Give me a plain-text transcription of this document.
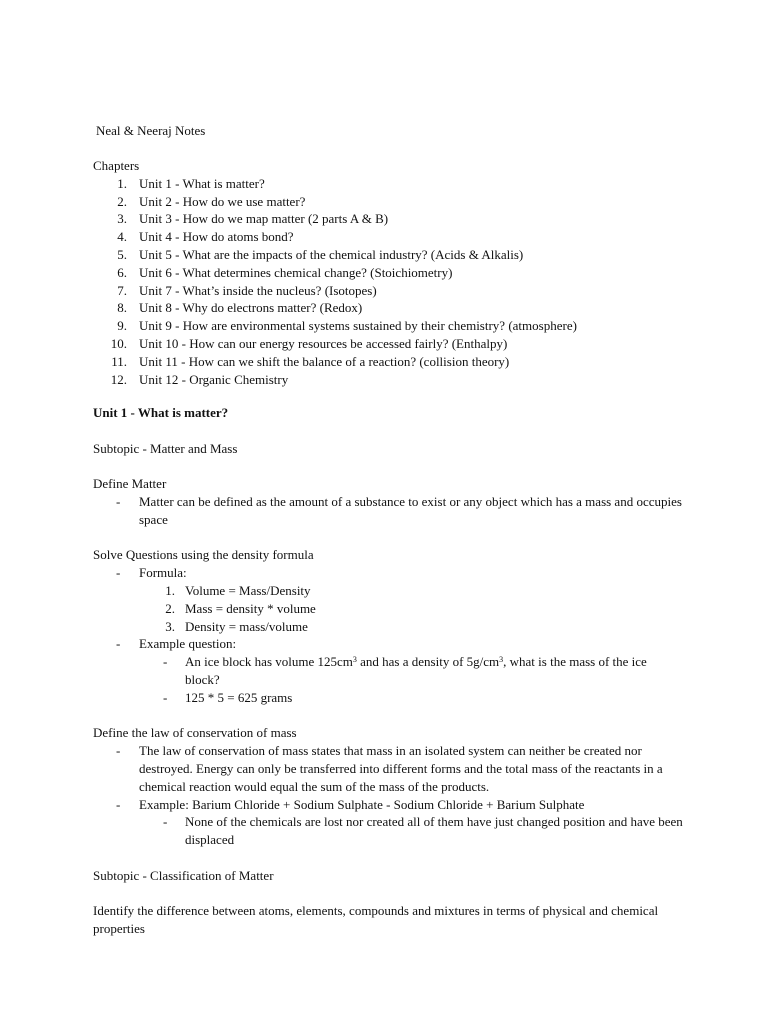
Neal & Neeraj Notes
Chapters
1. Unit 1 - What is matter?
2. Unit 2 - How do we use matter?
3. Unit 3 - How do we map matter (2 parts A & B)
4. Unit 4 - How do atoms bond?
5. Unit 5 - What are the impacts of the chemical industry? (Acids & Alkalis)
6. Unit 6 - What determines chemical change? (Stoichiometry)
7. Unit 7 - What’s inside the nucleus? (Isotopes)
8. Unit 8 - Why do electrons matter? (Redox)
9. Unit 9 - How are environmental systems sustained by their chemistry? (atmosphere)
10. Unit 10 - How can our energy resources be accessed fairly? (Enthalpy)
11. Unit 11 - How can we shift the balance of a reaction? (collision theory)
12. Unit 12 - Organic Chemistry
Unit 1 - What is matter?
Subtopic - Matter and Mass
Define Matter
- Matter can be defined as the amount of a substance to exist or any object which has a mass and occupies space
Solve Questions using the density formula
- Formula:
1. Volume = Mass/Density
2. Mass = density * volume
3. Density = mass/volume
- Example question:
- An ice block has volume $125cm^3$ and has a density of $5g/cm^3$, what is the mass of the ice block?
- 125 * 5 = 625 grams
Define the law of conservation of mass
- The law of conservation of mass states that mass in an isolated system can neither be created nor destroyed. Energy can only be transferred into different forms and the total mass of the reactants in a chemical reaction would equal the sum of the mass of the products.
- Example: Barium Chloride + Sodium Sulphate - Sodium Chloride + Barium Sulphate
- None of the chemicals are lost nor created all of them have just changed position and have been displaced
Subtopic - Classification of Matter
Identify the difference between atoms, elements, compounds and mixtures in terms of physical and chemical properties
